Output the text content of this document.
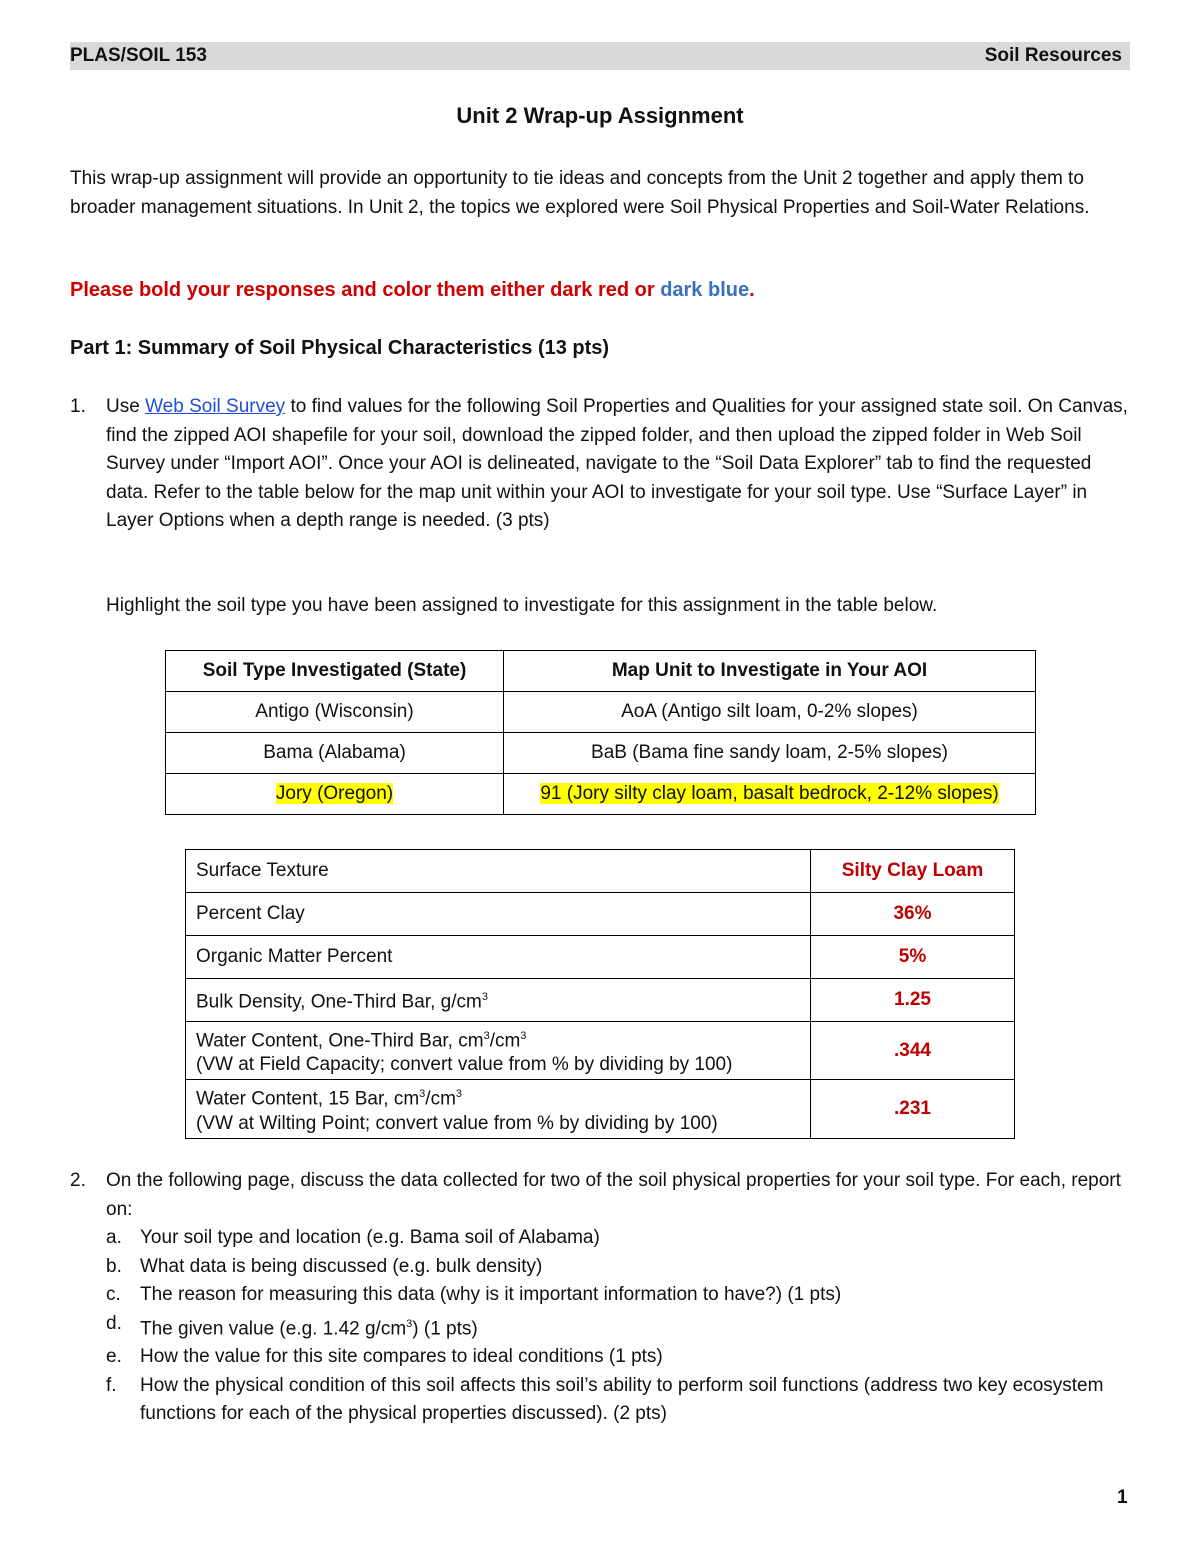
PLAS/SOIL 153	Soil Resources
Unit 2 Wrap-up Assignment

This wrap-up assignment will provide an opportunity to tie ideas and concepts from the Unit 2 together and apply them to broader management situations. In Unit 2, the topics we explored were Soil Physical Properties and Soil-Water Relations.

Please bold your responses and color them either dark red or dark blue.

Part 1: Summary of Soil Physical Characteristics (13 pts)

1.	Use Web Soil Survey to find values for the following Soil Properties and Qualities for your assigned state soil. On Canvas, find the zipped AOI shapefile for your soil, download the zipped folder, and then upload the zipped folder in Web Soil Survey under “Import AOI”. Once your AOI is delineated, navigate to the “Soil Data Explorer” tab to find the requested data. Refer to the table below for the map unit within your AOI to investigate for your soil type. Use “Surface Layer” in Layer Options when a depth range is needed. (3 pts)

Highlight the soil type you have been assigned to investigate for this assignment in the table below.

Soil Type Investigated (State)	Map Unit to Investigate in Your AOI
Antigo (Wisconsin)	AoA (Antigo silt loam, 0-2% slopes)
Bama (Alabama)	BaB (Bama fine sandy loam, 2-5% slopes)
Jory (Oregon)	91 (Jory silty clay loam, basalt bedrock, 2-12% slopes)
Surface Texture	Silty Clay Loam
Percent Clay	36%
Organic Matter Percent	5%
Bulk Density, One-Third Bar, $g/cm^3$	1.25
Water Content, One-Third Bar, $cm^3/cm^3$
(VW at Field Capacity; convert value from % by dividing by 100)	.344
Water Content, 15 Bar, $cm^3/cm^3$
(VW at Wilting Point; convert value from % by dividing by 100)	.231
2.	On the following page, discuss the data collected for two of the soil physical properties for your soil type. For each, report on:

a. Your soil type and location (e.g. Bama soil of Alabama)
b. What data is being discussed (e.g. bulk density)
c. The reason for measuring this data (why is it important information to have?) (1 pts)
d. The given value (e.g. 1.42 $g/cm^3$) (1 pts)
e. How the value for this site compares to ideal conditions (1 pts)
f. How the physical condition of this soil affects this soil’s ability to perform soil functions (address two key ecosystem functions for each of the physical properties discussed). (2 pts)
1
